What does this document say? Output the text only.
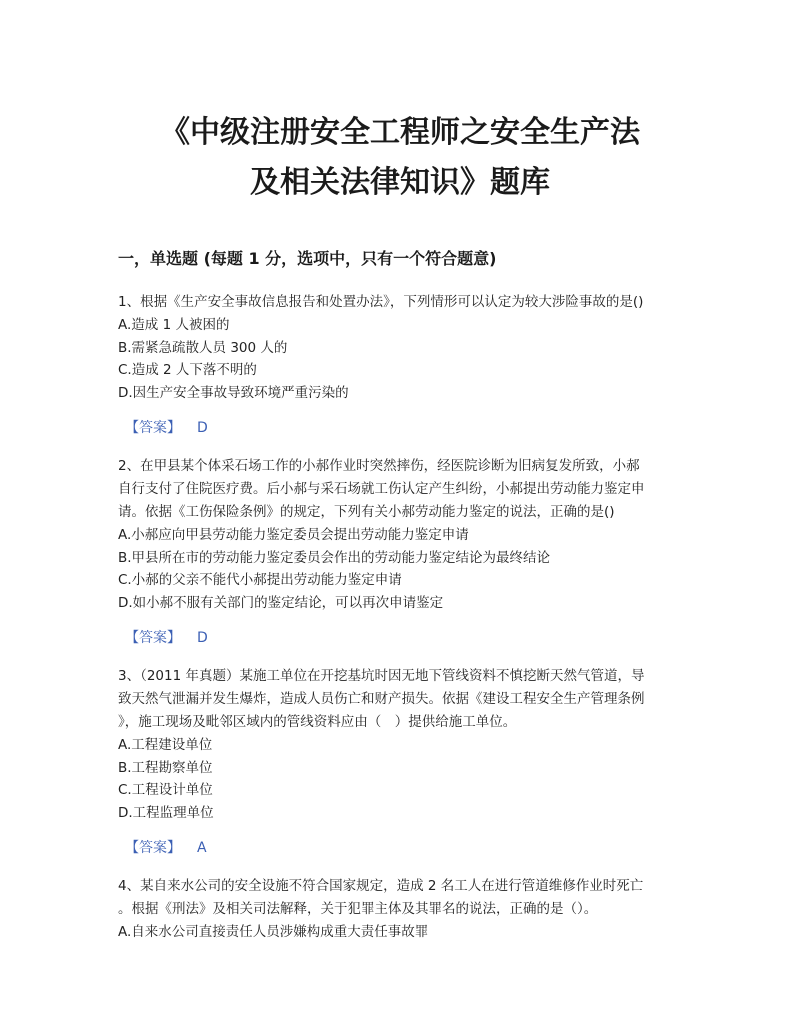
《中级注册安全工程师之安全生产法
及相关法律知识》题库
一，单选题 (每题 1 分，选项中，只有一个符合题意)
1、根据《生产安全事故信息报告和处置办法》，下列情形可以认定为较大涉险事故的是()
A.造成 1 人被困的
B.需紧急疏散人员 300 人的
C.造成 2 人下落不明的
D.因生产安全事故导致环境严重污染的
【答案】 D
2、在甲县某个体采石场工作的小郝作业时突然摔伤，经医院诊断为旧病复发所致，小郝
自行支付了住院医疗费。后小郝与采石场就工伤认定产生纠纷，小郝提出劳动能力鉴定申
请。依据《工伤保险条例》的规定，下列有关小郝劳动能力鉴定的说法，正确的是()
A.小郝应向甲县劳动能力鉴定委员会提出劳动能力鉴定申请
B.甲县所在市的劳动能力鉴定委员会作出的劳动能力鉴定结论为最终结论
C.小郝的父亲不能代小郝提出劳动能力鉴定申请
D.如小郝不服有关部门的鉴定结论，可以再次申请鉴定
【答案】 D
3、（2011 年真题）某施工单位在开挖基坑时因无地下管线资料不慎挖断天然气管道，导
致天然气泄漏并发生爆炸，造成人员伤亡和财产损失。依据《建设工程安全生产管理条例
》，施工现场及毗邻区域内的管线资料应由（　）提供给施工单位。
A.工程建设单位
B.工程勘察单位
C.工程设计单位
D.工程监理单位
【答案】 A
4、某自来水公司的安全设施不符合国家规定，造成 2 名工人在进行管道维修作业时死亡
。根据《刑法》及相关司法解释，关于犯罪主体及其罪名的说法，正确的是（）。
A.自来水公司直接责任人员涉嫌构成重大责任事故罪
